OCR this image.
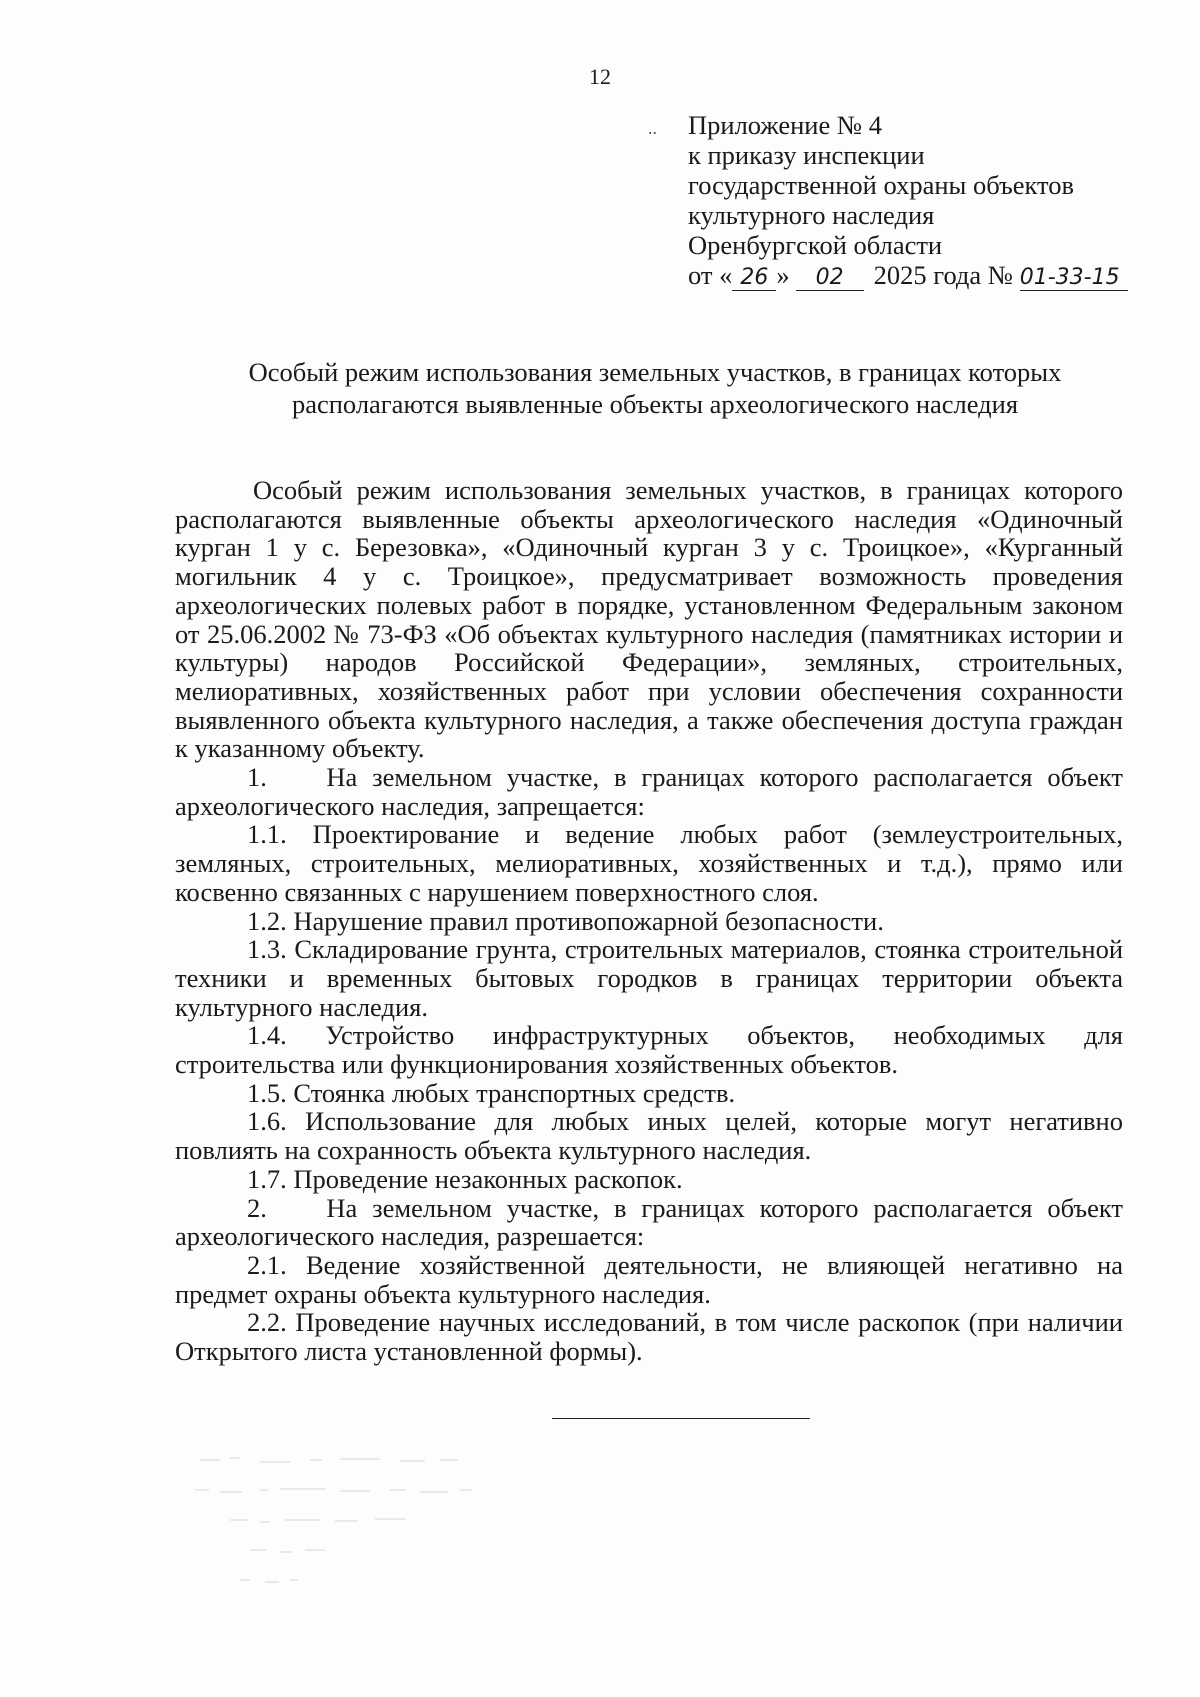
12
.. Приложение № 4
к приказу инспекции
государственной охраны объектов
культурного наследия
Оренбургской области
от « 26 » 02 2025 года № 01-33-15
Особый режим использования земельных участков, в границах которых
располагаются выявленные объекты археологического наследия

Особый режим использования земельных участков, в границах которого располагаются выявленные объекты археологического наследия «Одиночный курган 1 у с. Березовка», «Одиночный курган 3 у с. Троицкое», «Курганный могильник 4 у с. Троицкое», предусматривает возможность проведения археологических полевых работ в порядке, установленном Федеральным законом от 25.06.2002 № 73-ФЗ «Об объектах культурного наследия (памятниках истории и культуры) народов Российской Федерации», земляных, строительных, мелиоративных, хозяйственных работ при условии обеспечения сохранности выявленного объекта культурного наследия, а также обеспечения доступа граждан к указанному объекту.

1.    На земельном участке, в границах которого располагается объект археологического наследия, запрещается:

1.1. Проектирование и ведение любых работ (землеустроительных, земляных, строительных, мелиоративных, хозяйственных и т.д.), прямо или косвенно связанных с нарушением поверхностного слоя.

1.2. Нарушение правил противопожарной безопасности.

1.3. Складирование грунта, строительных материалов, стоянка строительной техники и временных бытовых городков в границах территории объекта культурного наследия.

1.4. Устройство инфраструктурных объектов, необходимых для строительства или функционирования хозяйственных объектов.

1.5. Стоянка любых транспортных средств.

1.6. Использование для любых иных целей, которые могут негативно повлиять на сохранность объекта культурного наследия.

1.7. Проведение незаконных раскопок.

2.    На земельном участке, в границах которого располагается объект археологического наследия, разрешается:

2.1. Ведение хозяйственной деятельности, не влияющей негативно на предмет охраны объекта культурного наследия.

2.2. Проведение научных исследований, в том числе раскопок (при наличии Открытого листа установленной формы).
